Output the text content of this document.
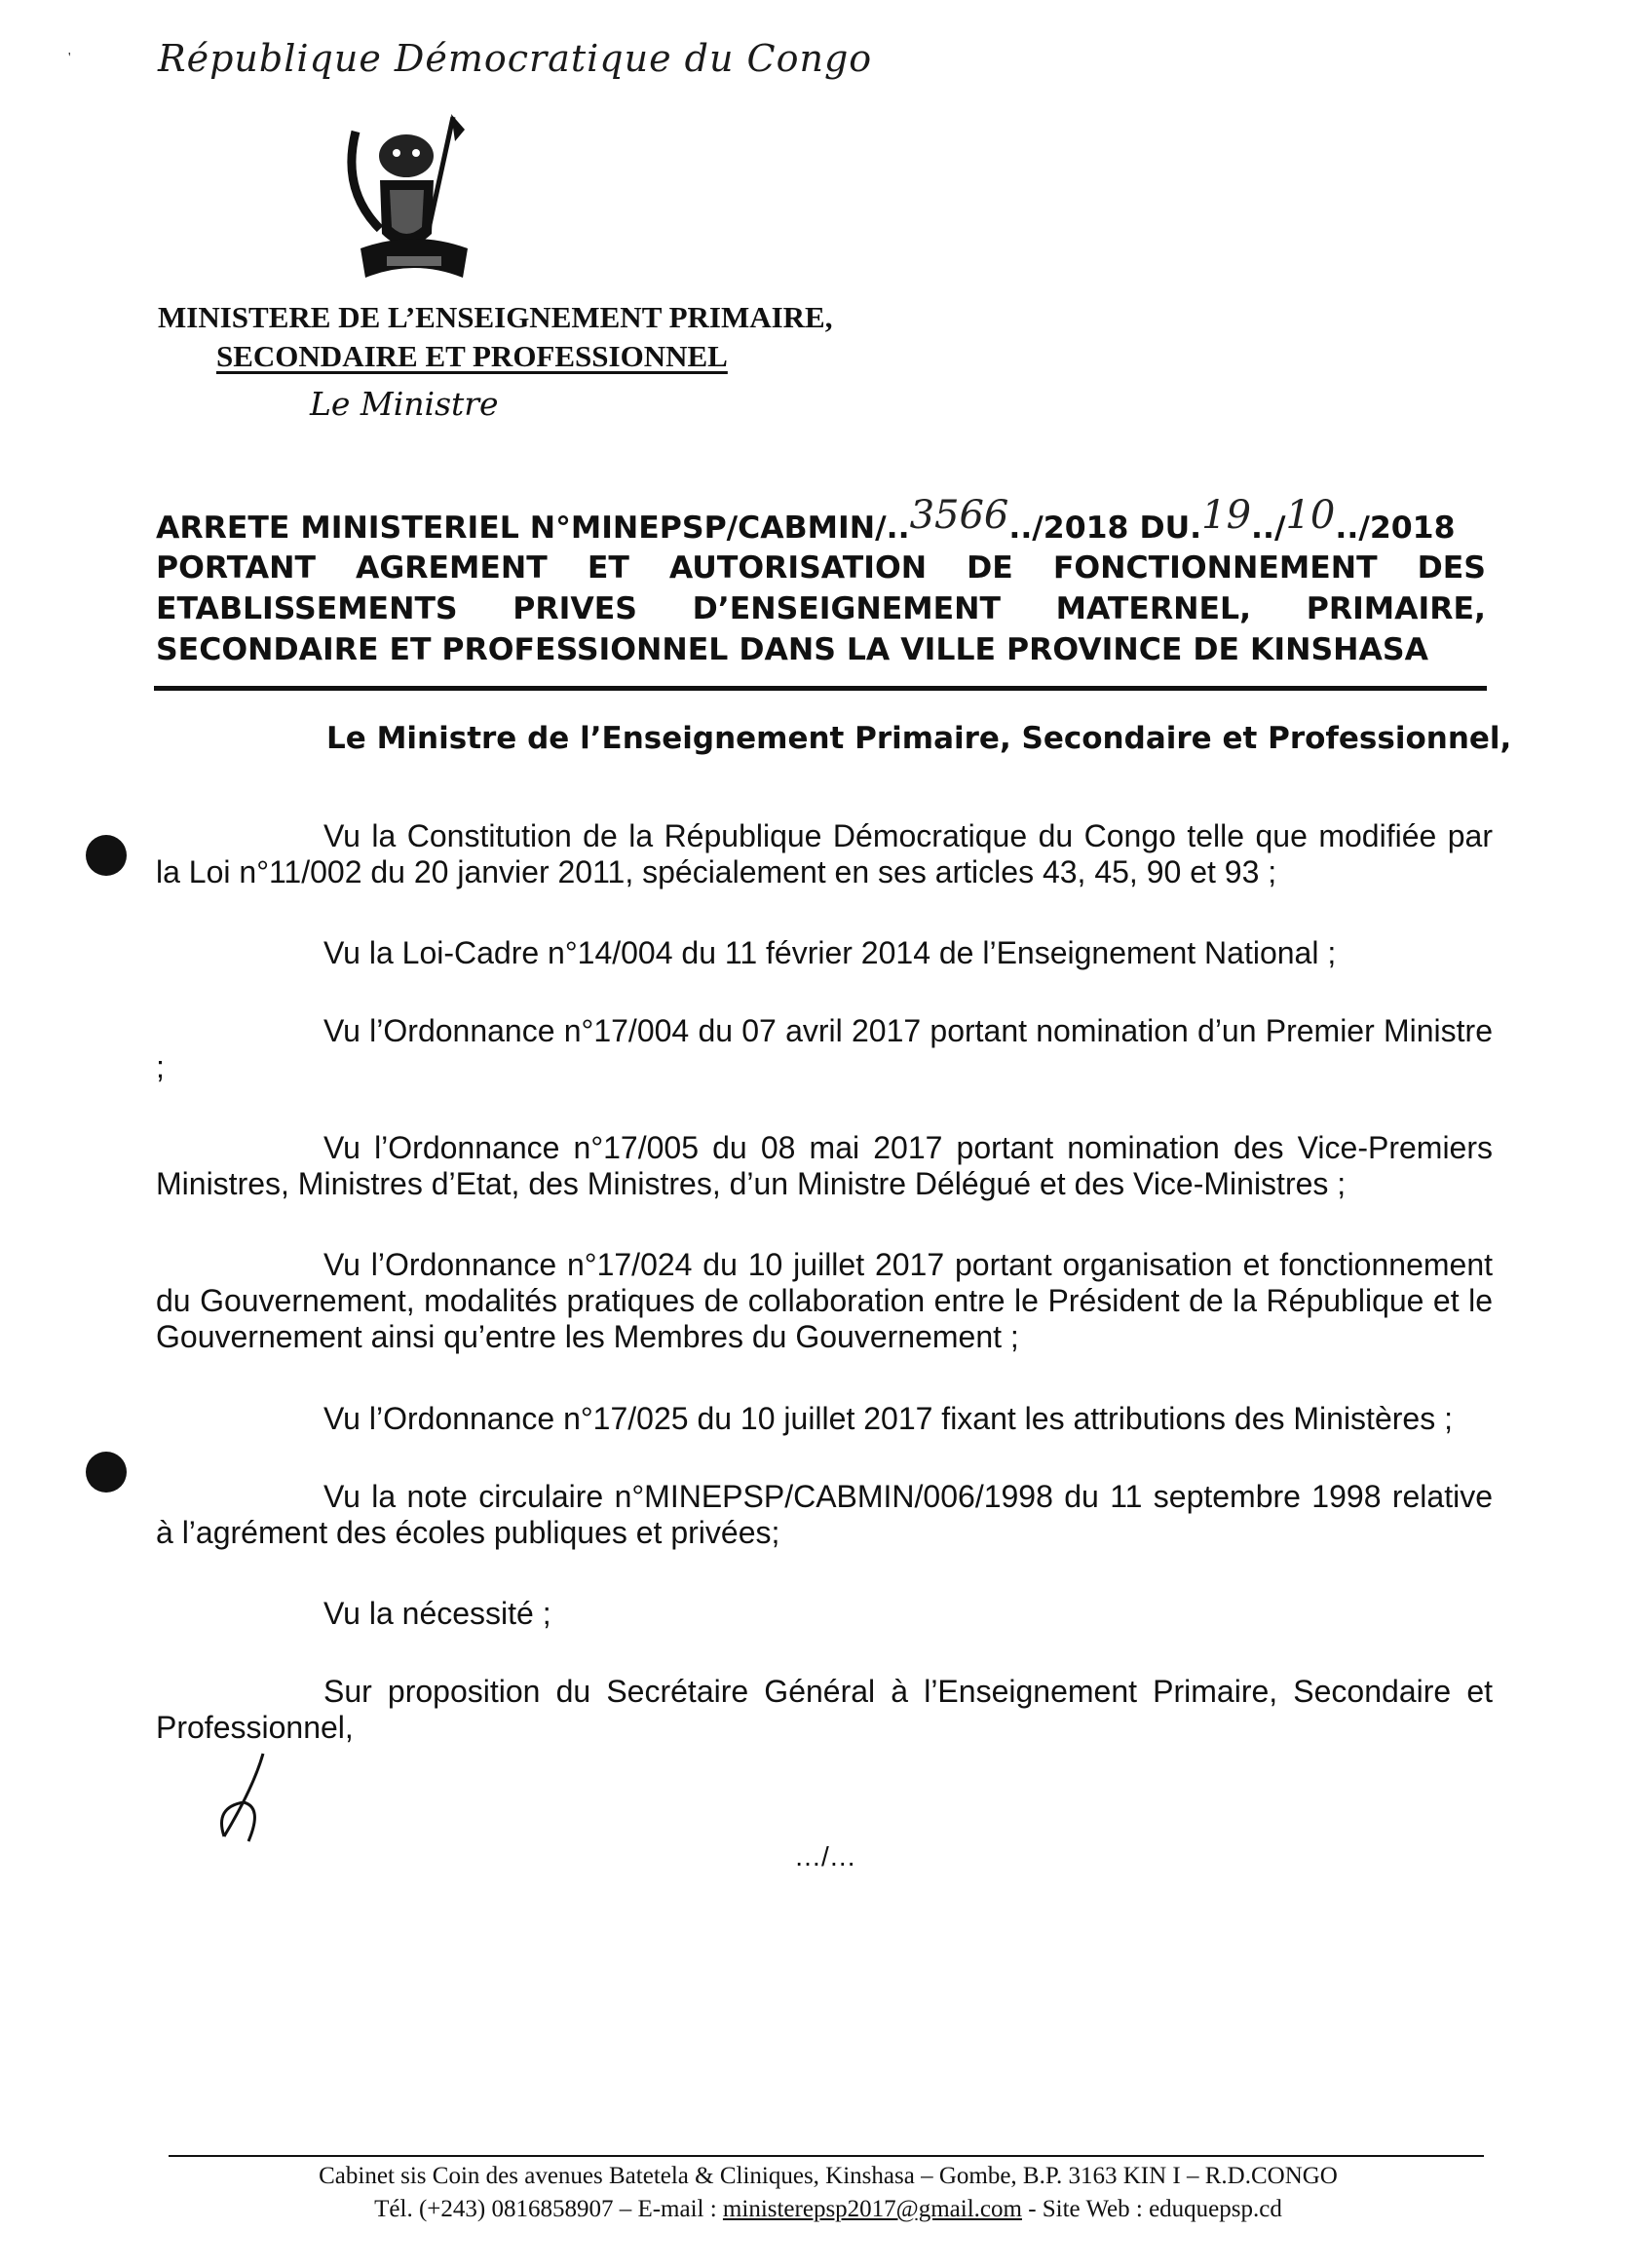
' République Démocratique du Congo
MINISTERE DE L’ENSEIGNEMENT PRIMAIRE,
SECONDAIRE ET PROFESSIONNEL
Le Ministre
ARRETE MINISTERIEL N°MINEPSP/CABMIN/..3566../2018 DU.19../10../2018
PORTANT AGREMENT ET AUTORISATION DE FONCTIONNEMENT DES
ETABLISSEMENTS PRIVES D’ENSEIGNEMENT MATERNEL, PRIMAIRE,
SECONDAIRE ET PROFESSIONNEL DANS LA VILLE PROVINCE DE KINSHASA
Le Ministre de l’Enseignement Primaire, Secondaire et Professionnel,

Vu la Constitution de la République Démocratique du Congo telle que modifiée par la Loi n°11/002 du 20 janvier 2011, spécialement en ses articles 43, 45, 90 et 93 ;

Vu la Loi-Cadre n°14/004 du 11 février 2014 de l’Enseignement National ;

Vu l’Ordonnance n°17/004 du 07 avril 2017 portant nomination d’un Premier Ministre ;

Vu l’Ordonnance n°17/005 du 08 mai 2017 portant nomination des Vice-Premiers Ministres, Ministres d’Etat, des Ministres, d’un Ministre Délégué et des Vice-Ministres ;

Vu l’Ordonnance n°17/024 du 10 juillet 2017 portant organisation et fonctionnement du Gouvernement, modalités pratiques de collaboration entre le Président de la République et le Gouvernement ainsi qu’entre les Membres du Gouvernement ;

Vu l’Ordonnance n°17/025 du 10 juillet 2017 fixant les attributions des Ministères ;

Vu la note circulaire n°MINEPSP/CABMIN/006/1998 du 11 septembre 1998 relative à l’agrément des écoles publiques et privées;

Vu la nécessité ;

Sur proposition du Secrétaire Général à l’Enseignement Primaire, Secondaire et Professionnel,

…/…
Cabinet sis Coin des avenues Batetela & Cliniques, Kinshasa – Gombe, B.P. 3163 KIN I – R.D.CONGO
Tél. (+243) 0816858907 – E-mail : ministerepsp2017@gmail.com - Site Web : eduquepsp.cd
